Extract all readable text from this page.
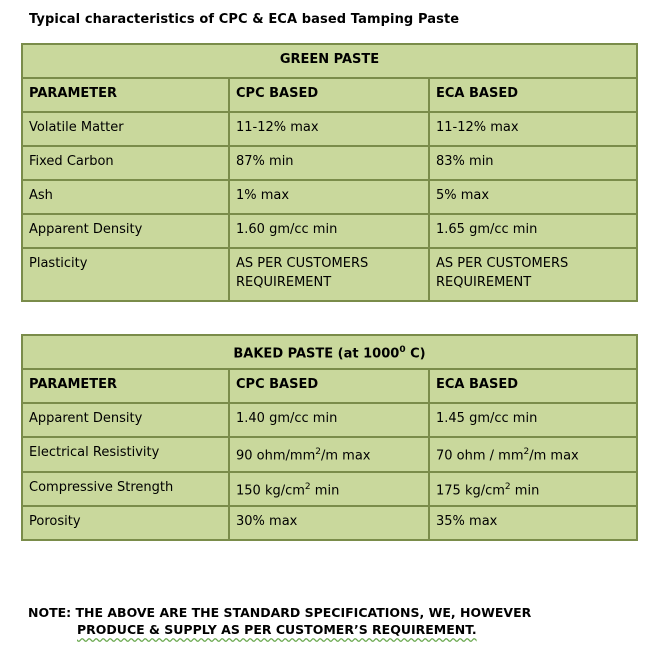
Typical characteristics of CPC & ECA based Tamping Paste
GREEN PASTE		
PARAMETER	CPC BASED	ECA BASED
Volatile Matter	11-12% max	11-12% max
Fixed Carbon	87% min	83% min
Ash	1% max	5% max
Apparent Density	1.60 gm/cc min	1.65 gm/cc min
Plasticity	AS PER CUSTOMERS REQUIREMENT	AS PER CUSTOMERS REQUIREMENT
BAKED PASTE (at 1000$^0$ C)		
PARAMETER	CPC BASED	ECA BASED
Apparent Density	1.40 gm/cc min	1.45 gm/cc min
Electrical Resistivity	90 ohm/$mm^2/m$ max	70 ohm / $mm^2/m$ max
Compressive Strength	150 $kg/cm^2$ min	175 $kg/cm^2$ min
Porosity	30% max	35% max
NOTE: THE ABOVE ARE THE STANDARD SPECIFICATIONS, WE, HOWEVER
PRODUCE & SUPPLY AS PER CUSTOMER’S REQUIREMENT.
